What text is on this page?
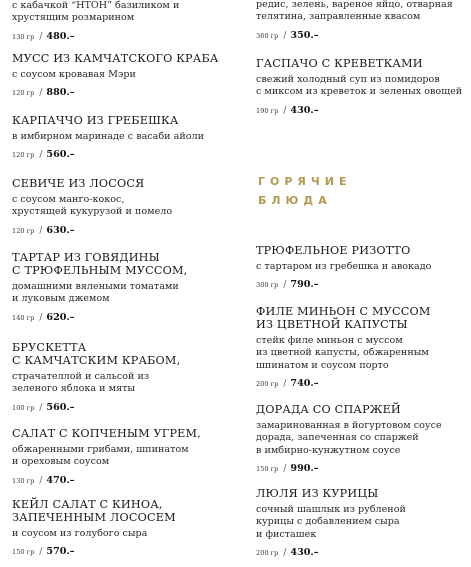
с кабачкой “НТОН” базиликом и хрустящим розмарином
130 гр / 480.–
МУСС ИЗ КАМЧАТСКОГО КРАБА
с соусом кровавая Мэри
120 гр / 880.–
КАРПАЧЧО ИЗ ГРЕБЕШКА
в имбирном маринаде с васаби айоли
120 гр / 560.–
СЕВИЧЕ ИЗ ЛОСОСЯ
с соусом манго-кокос,
хрустящей кукурузой и помело
120 гр / 630.–
ТАРТАР ИЗ ГОВЯДИНЫ
С ТРЮФЕЛЬНЫМ МУССОМ,
домашними вялеными томатами
и луковым джемом
140 гр / 620.–
БРУСКЕТТА
С КАМЧАТСКИМ КРАБОМ,
страчателлой и сальсой из
зеленого яблока и мяты
100 гр / 560.–
САЛАТ С КОПЧЕНЫМ УГРЕМ,
обжаренными грибами, шпинатом
и ореховым соусом
130 гр / 470.–
КЕЙЛ САЛАТ С КИНОА,
ЗАПЕЧЕННЫМ ЛОСОСЕМ
и соусом из голубого сыра
150 гр / 570.–
редис, зелень, вареное яйцо, отварная
телятина, заправленные квасом
360 гр / 350.–
ГАСПАЧО С КРЕВЕТКАМИ
свежий холодный суп из помидоров
с миксом из креветок и зеленых овощей
190 гр / 430.–
ГОРЯЧИЕ
БЛЮДА
ТРЮФЕЛЬНОЕ РИЗОТТО
с тартаром из гребешка и авокадо
300 гр / 790.–
ФИЛЕ МИНЬОН С МУССОМ
ИЗ ЦВЕТНОЙ КАПУСТЫ
стейк филе миньон с муссом
из цветной капусты, обжаренным
шпинатом и соусом порто
200 гр / 740.–
ДОРАДА СО СПАРЖЕЙ
замаринованная в йогуртовом соусе
дорада, запеченная со спаржей
в имбирно-кунжутном соусе
150 гр / 990.–
ЛЮЛЯ ИЗ КУРИЦЫ
сочный шашлык из рубленой
курицы с добавлением сыра
и фисташек
200 гр / 430.–
